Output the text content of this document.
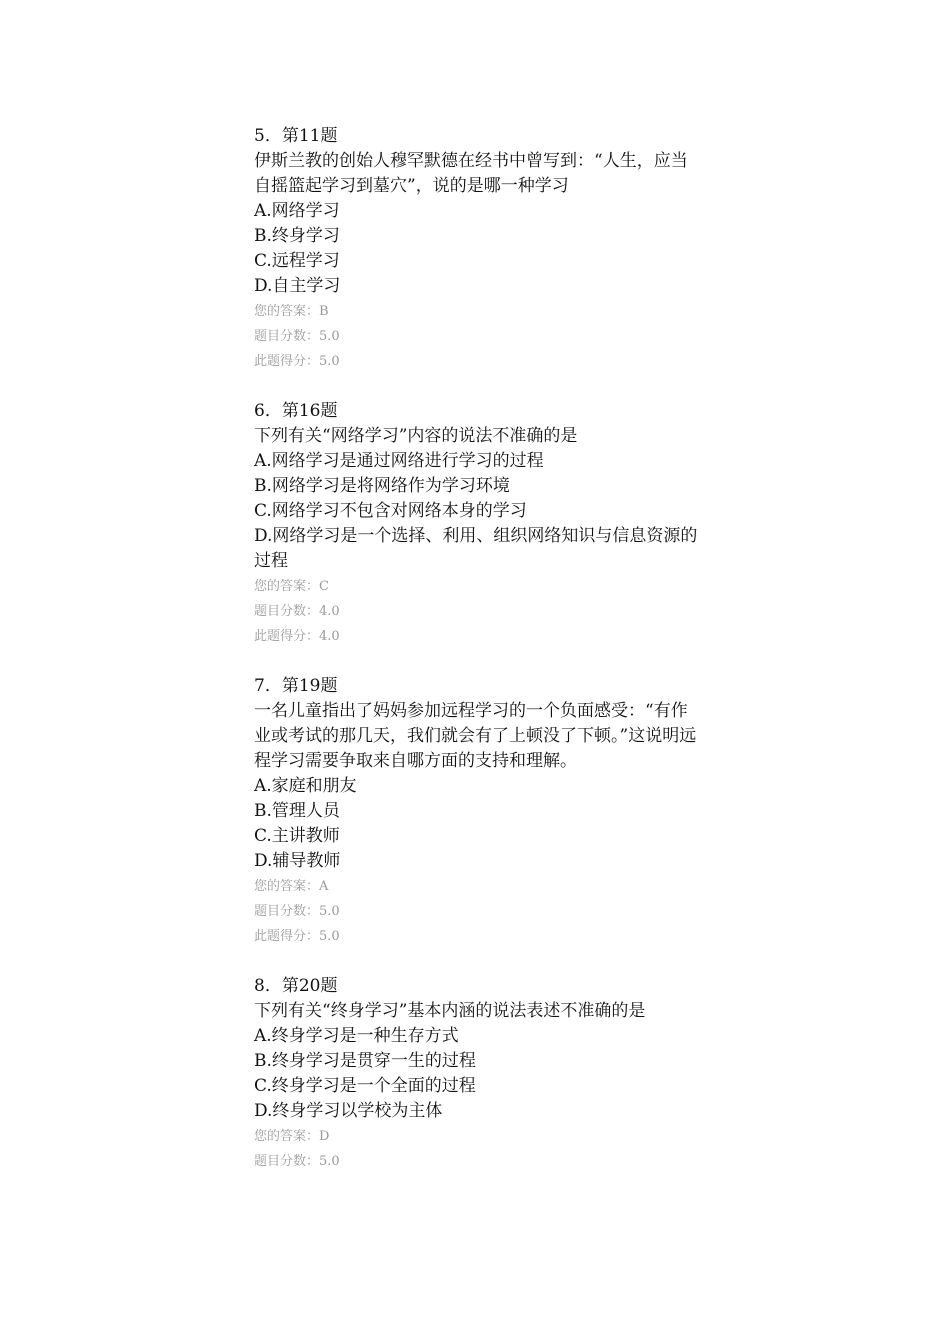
5．第11题
伊斯兰教的创始人穆罕默德在经书中曾写到：“人生，应当自摇篮起学习到墓穴”，说的是哪一种学习
A.网络学习
B.终身学习
C.远程学习
D.自主学习
您的答案：B
题目分数：5.0
此题得分：5.0
6．第16题
下列有关“网络学习”内容的说法不准确的是
A.网络学习是通过网络进行学习的过程
B.网络学习是将网络作为学习环境
C.网络学习不包含对网络本身的学习
D.网络学习是一个选择、利用、组织网络知识与信息资源的过程
您的答案：C
题目分数：4.0
此题得分：4.0
7．第19题
一名儿童指出了妈妈参加远程学习的一个负面感受：“有作业或考试的那几天，我们就会有了上顿没了下顿。”这说明远程学习需要争取来自哪方面的支持和理解。
A.家庭和朋友
B.管理人员
C.主讲教师
D.辅导教师
您的答案：A
题目分数：5.0
此题得分：5.0
8．第20题
下列有关“终身学习”基本内涵的说法表述不准确的是
A.终身学习是一种生存方式
B.终身学习是贯穿一生的过程
C.终身学习是一个全面的过程
D.终身学习以学校为主体
您的答案：D
题目分数：5.0
